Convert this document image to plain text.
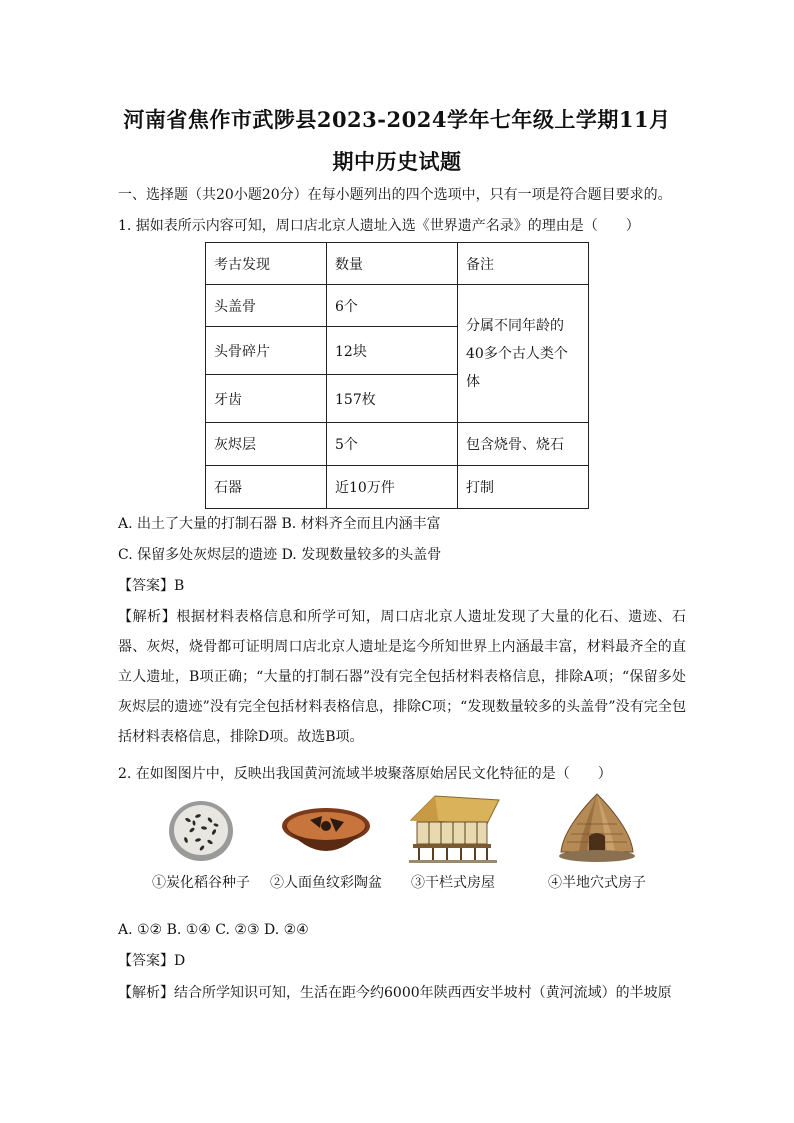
河南省焦作市武陟县2023-2024学年七年级上学期11月
期中历史试题
一、选择题（共20小题20分）在每小题列出的四个选项中，只有一项是符合题目要求的。
1. 据如表所示内容可知，周口店北京人遗址入选《世界遗产名录》的理由是（　　）
考古发现	数量	备注
头盖骨	6个	分属不同年龄的40多个古人类个体
头骨碎片	12块	
牙齿	157枚	
灰烬层	5个	包含烧骨、烧石
石器	近10万件	打制
A. 出土了大量的打制石器 B. 材料齐全而且内涵丰富
C. 保留多处灰烬层的遗迹 D. 发现数量较多的头盖骨
【答案】B
【解析】根据材料表格信息和所学可知，周口店北京人遗址发现了大量的化石、遗迹、石器、灰烬，烧骨都可证明周口店北京人遗址是迄今所知世界上内涵最丰富，材料最齐全的直立人遗址，B项正确；“大量的打制石器”没有完全包括材料表格信息，排除A项；“保留多处灰烬层的遗迹”没有完全包括材料表格信息，排除C项；“发现数量较多的头盖骨”没有完全包括材料表格信息，排除D项。故选B项。
2. 在如图图片中，反映出我国黄河流域半坡聚落原始居民文化特征的是（　　）
①炭化稻谷种子	②人面鱼纹彩陶盆	③干栏式房屋	④半地穴式房子
A. ①② B. ①④ C. ②③ D. ②④
【答案】D
【解析】结合所学知识可知，生活在距今约6000年陕西西安半坡村（黄河流域）的半坡原
